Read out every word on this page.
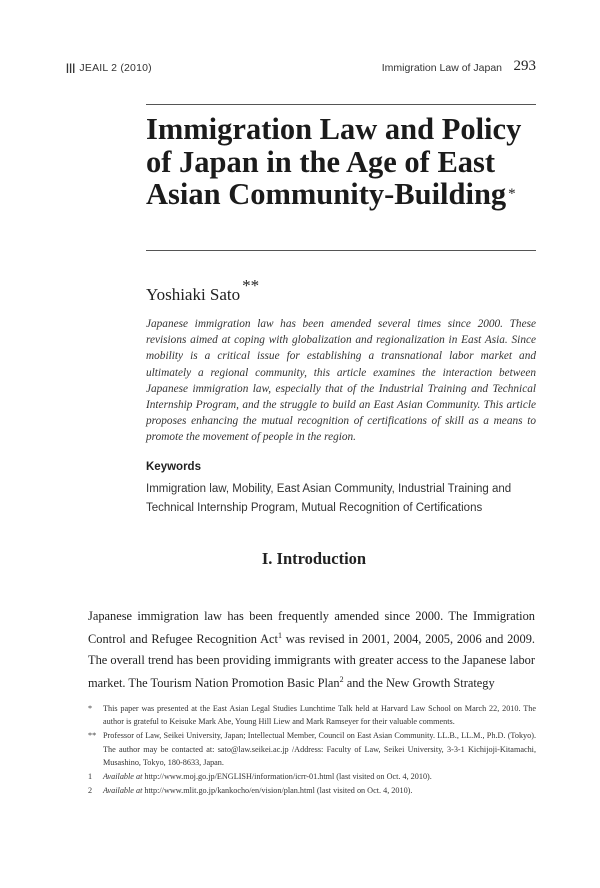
||| JEAIL 2 (2010)	Immigration Law of Japan 293
Immigration Law and Policy of Japan in the Age of East Asian Community-Building *
Yoshiaki Sato **

Japanese immigration law has been amended several times since 2000. These revisions aimed at coping with globalization and regionalization in East Asia. Since mobility is a critical issue for establishing a transnational labor market and ultimately a regional community, this article examines the interaction between Japanese immigration law, especially that of the Industrial Training and Technical Internship Program, and the struggle to build an East Asian Community. This article proposes enhancing the mutual recognition of certifications of skill as a means to promote the movement of people in the region.

Keywords

Immigration law, Mobility, East Asian Community, Industrial Training and Technical Internship Program, Mutual Recognition of Certifications

I. Introduction

Japanese immigration law has been frequently amended since 2000. The Immigration Control and Refugee Recognition Act$^1$ was revised in 2001, 2004, 2005, 2006 and 2009. The overall trend has been providing immigrants with greater access to the Japanese labor market. The Tourism Nation Promotion Basic Plan$^2$ and the New Growth Strategy

* This paper was presented at the East Asian Legal Studies Lunchtime Talk held at Harvard Law School on March 22, 2010. The author is grateful to Keisuke Mark Abe, Young Hill Liew and Mark Ramseyer for their valuable comments.
** Professor of Law, Seikei University, Japan; Intellectual Member, Council on East Asian Community. LL.B., LL.M., Ph.D. (Tokyo). The author may be contacted at: sato@law.seikei.ac.jp /Address: Faculty of Law, Seikei University, 3-3-1 Kichijoji-Kitamachi, Musashino, Tokyo, 180-8633, Japan.
1 Available at http://www.moj.go.jp/ENGLISH/information/icrr-01.html (last visited on Oct. 4, 2010).
2 Available at http://www.mlit.go.jp/kankocho/en/vision/plan.html (last visited on Oct. 4, 2010).
